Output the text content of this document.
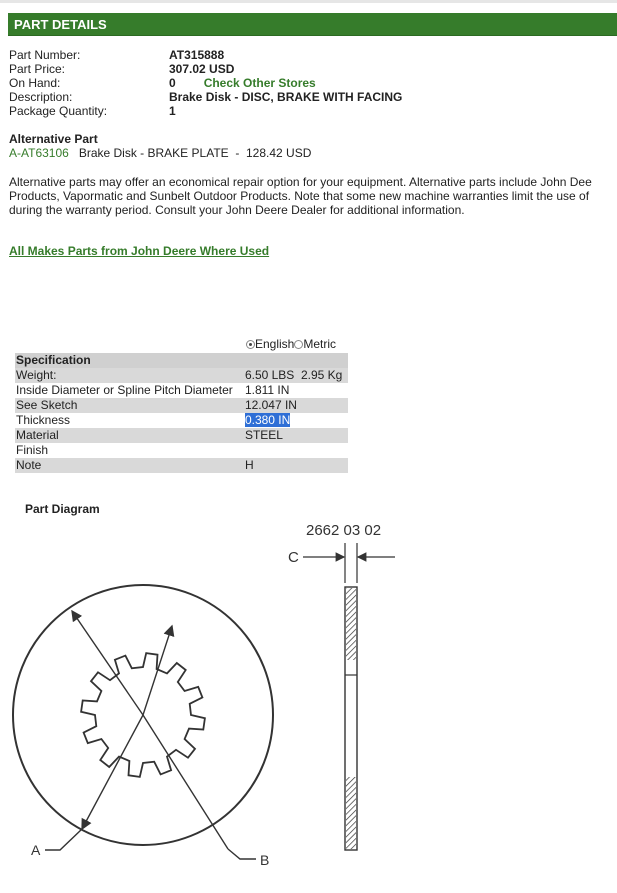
PART DETAILS
Part Number:	AT315888
Part Price:	307.02 USD
On Hand:	0 Check Other Stores
Description:	Brake Disk - DISC, BRAKE WITH FACING
Package Quantity:	1
Alternative Part
A-AT63106 Brake Disk - BRAKE PLATE - 128.42 USD
Alternative parts may offer an economical repair option for your equipment. Alternative parts include John Dee
Products, Vapormatic and Sunbelt Outdoor Products. Note that some new machine warranties limit the use of
during the warranty period. Consult your John Deere Dealer for additional information.
All Makes Parts from John Deere Where Used
English Metric
Specification	
Weight:	6.50 LBS 2.95 Kg
Inside Diameter or Spline Pitch Diameter	1.811 IN
See Sketch	12.047 IN
Thickness	0.380 IN
Material	STEEL
Finish	
Note	H
Part Diagram
A
B
2662 03 02
C
